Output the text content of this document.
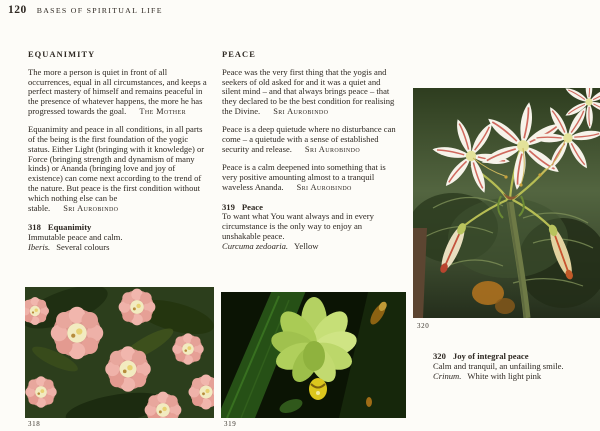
120 BASES OF SPIRITUAL LIFE
EQUANIMITY

The more a person is quiet in front of all occurrences, equal in all circumstances, and keeps a perfect mastery of himself and remains peaceful in the presence of whatever happens, the more he has progressed towards the goal. The Mother

Equanimity and peace in all conditions, in all parts of the being is the first foundation of the yogic status. Either Light (bringing with it knowledge) or Force (bringing strength and dynamism of many kinds) or Ananda (bringing love and joy of existence) can come next according to the trend of the nature. But peace is the first condition without which nothing else can be stable. Sri Aurobindo

318 Equanimity
Immutable peace and calm.
Iberis. Several colours
PEACE

Peace was the very first thing that the yogis and seekers of old asked for and it was a quiet and silent mind – and that always brings peace – that they declared to be the best condition for realising the Divine. Sri Aurobindo

Peace is a deep quietude where no disturbance can come – a quietude with a sense of established security and release. Sri Aurobindo

Peace is a calm deepened into something that is very positive amounting almost to a tranquil waveless Ananda. Sri Aurobindo

319 Peace
To want what You want always and in every circumstance is the only way to enjoy an unshakable peace.
Curcuma zedoaria. Yellow
318	319
320
320 Joy of integral peace
Calm and tranquil, an unfailing smile.
Crinum. White with light pink
